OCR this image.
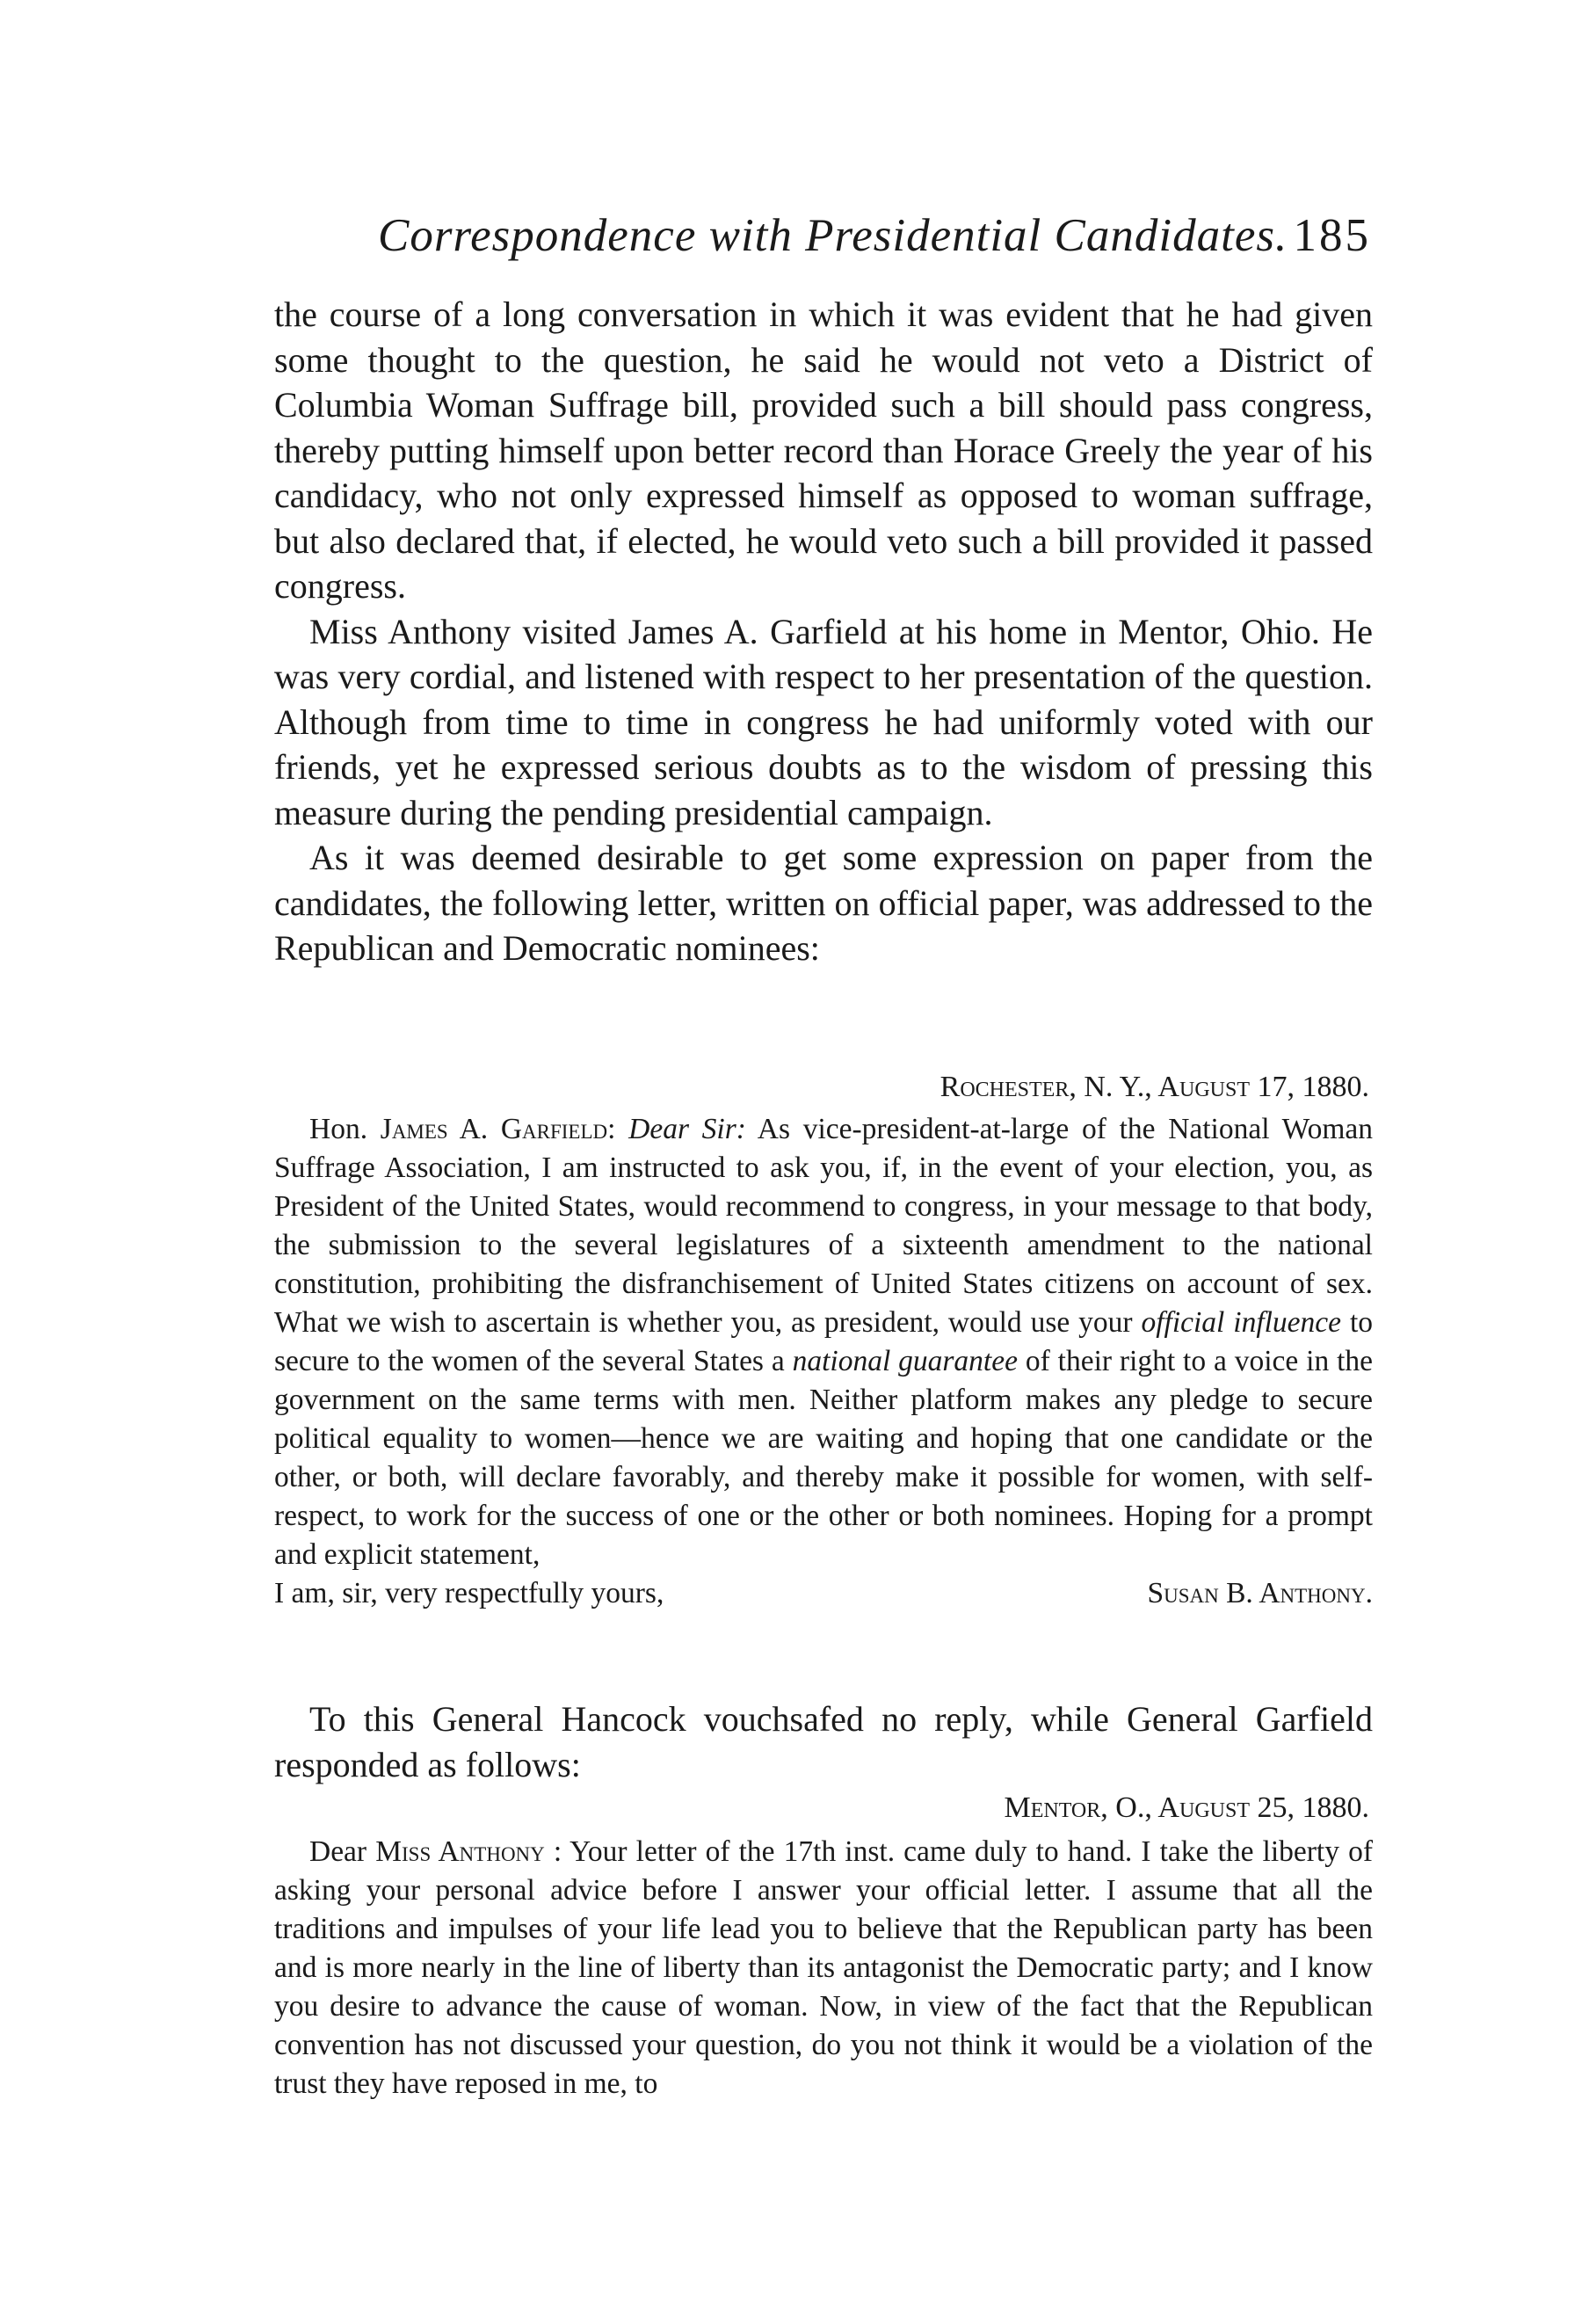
Correspondence with Presidential Candidates. 185

the course of a long conversation in which it was evident that he had given some thought to the question, he said he would not veto a District of Columbia Woman Suffrage bill, provided such a bill should pass congress, thereby putting himself upon better record than Horace Greely the year of his candidacy, who not only expressed himself as opposed to woman suffrage, but also declared that, if elected, he would veto such a bill provided it passed congress.

Miss Anthony visited James A. Garfield at his home in Mentor, Ohio. He was very cordial, and listened with respect to her presentation of the question. Although from time to time in congress he had uniformly voted with our friends, yet he expressed serious doubts as to the wisdom of pressing this measure during the pending presidential campaign.

As it was deemed desirable to get some expression on paper from the candidates, the following letter, written on official paper, was addressed to the Republican and Democratic nominees:

Rochester, N. Y., August 17, 1880.

Hon. James A. Garfield: Dear Sir: As vice-president-at-large of the National Woman Suffrage Association, I am instructed to ask you, if, in the event of your election, you, as President of the United States, would recommend to congress, in your message to that body, the submission to the several legislatures of a sixteenth amendment to the national constitution, prohibiting the disfranchisement of United States citizens on account of sex. What we wish to ascertain is whether you, as president, would use your official influence to secure to the women of the several States a national guarantee of their right to a voice in the government on the same terms with men. Neither platform makes any pledge to secure political equality to women—hence we are waiting and hoping that one candidate or the other, or both, will declare favorably, and thereby make it possible for women, with self-respect, to work for the success of one or the other or both nominees. Hoping for a prompt and explicit statement,

I am, sir, very respectfully yours,	Susan B. Anthony.

To this General Hancock vouchsafed no reply, while General Garfield responded as follows:

Mentor, O., August 25, 1880.

Dear Miss Anthony : Your letter of the 17th inst. came duly to hand. I take the liberty of asking your personal advice before I answer your official letter. I assume that all the traditions and impulses of your life lead you to believe that the Republican party has been and is more nearly in the line of liberty than its antagonist the Democratic party; and I know you desire to advance the cause of woman. Now, in view of the fact that the Republican convention has not discussed your question, do you not think it would be a violation of the trust they have reposed in me, to
